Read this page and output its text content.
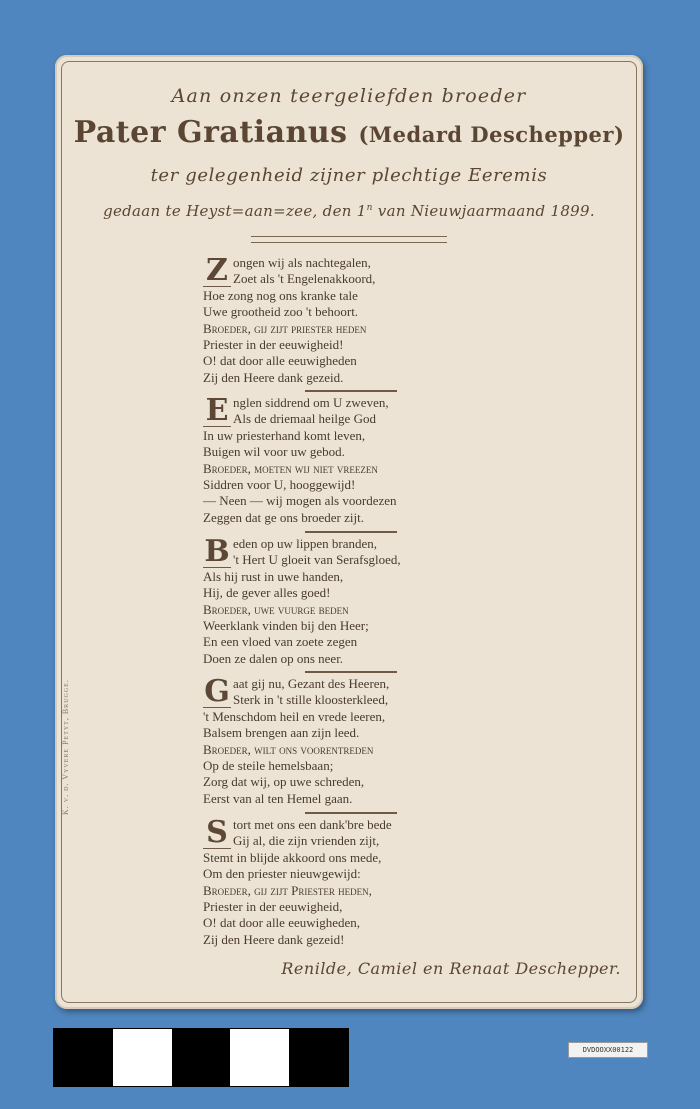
Aan onzen teergeliefden broeder
Pater Gratianus (Medard Deschepper)
ter gelegenheid zijner plechtige Eeremis
gedaan te Heyst=aan=zee, den 1$^n$ van Nieuwjaarmaand 1899.
Z ongen wij als nachtegalen,
Zoet als 't Engelenakkoord,
Hoe zong nog ons kranke tale
Uwe grootheid zoo 't behoort.
Broeder, gij zijt priester heden
Priester in der eeuwigheid!
O! dat door alle eeuwigheden
Zij den Heere dank gezeid.
E nglen siddrend om U zweven,
Als de driemaal heilge God
In uw priesterhand komt leven,
Buigen wil voor uw gebod.
Broeder, moeten wij niet vreezen
Siddren voor U, hooggewijd!
— Neen — wij mogen als voordezen
Zeggen dat ge ons broeder zijt.
B eden op uw lippen branden,
't Hert U gloeit van Serafsgloed,
Als hij rust in uwe handen,
Hij, de gever alles goed!
Broeder, uwe vuurge beden
Weerklank vinden bij den Heer;
En een vloed van zoete zegen
Doen ze dalen op ons neer.
G aat gij nu, Gezant des Heeren,
Sterk in 't stille kloosterkleed,
't Menschdom heil en vrede leeren,
Balsem brengen aan zijn leed.
Broeder, wilt ons voorentreden
Op de steile hemelsbaan;
Zorg dat wij, op uwe schreden,
Eerst van al ten Hemel gaan.
S tort met ons een dank'bre bede
Gij al, die zijn vrienden zijt,
Stemt in blijde akkoord ons mede,
Om den priester nieuwgewijd:
Broeder, gij zijt Priester heden,
Priester in der eeuwigheid,
O! dat door alle eeuwigheden,
Zij den Heere dank gezeid!
K. v. d. Vyvere Petyt, Brugge.
Renilde, Camiel en Renaat Deschepper.
DVDOOXX00122
